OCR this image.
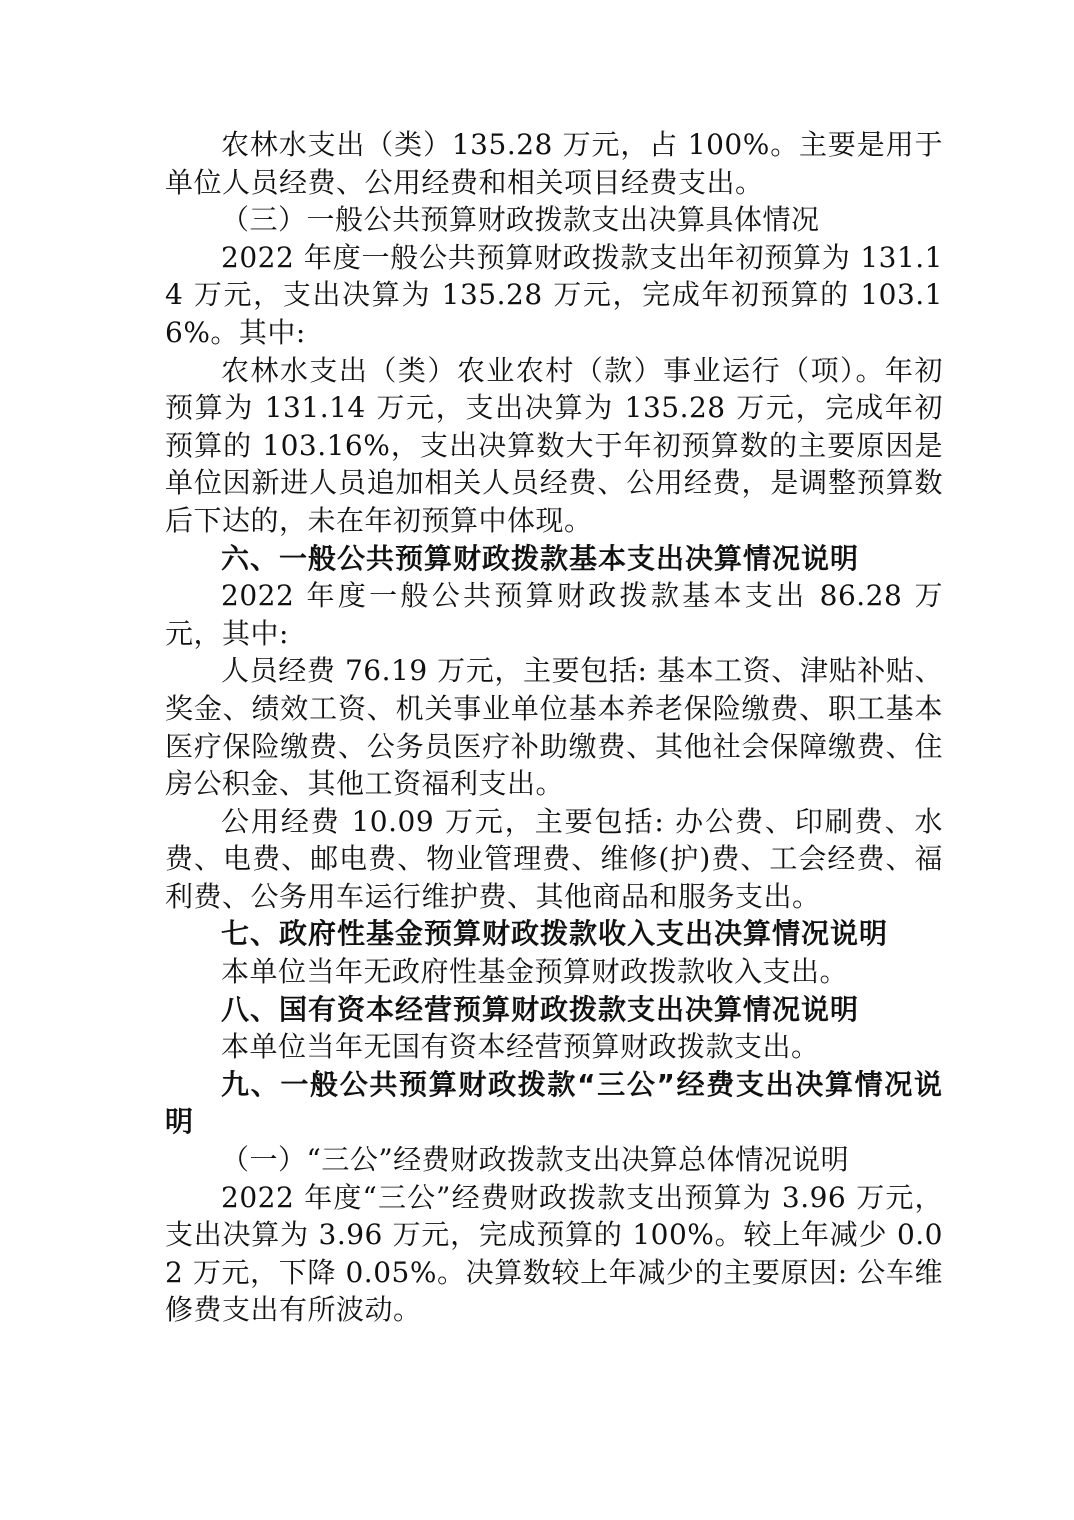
农林水支出（类）135.28 万元，占 100%。主要是用于单位人员经费、公用经费和相关项目经费支出。

（三）一般公共预算财政拨款支出决算具体情况

2022 年度一般公共预算财政拨款支出年初预算为 131.14 万元，支出决算为 135.28 万元，完成年初预算的 103.16%。其中:

农林水支出（类）农业农村（款）事业运行（项）。年初预算为 131.14 万元，支出决算为 135.28 万元，完成年初预算的 103.16%，支出决算数大于年初预算数的主要原因是单位因新进人员追加相关人员经费、公用经费，是调整预算数后下达的，未在年初预算中体现。

六、一般公共预算财政拨款基本支出决算情况说明

2022 年度一般公共预算财政拨款基本支出 86.28 万元，其中:

人员经费 76.19 万元，主要包括: 基本工资、津贴补贴、奖金、绩效工资、机关事业单位基本养老保险缴费、职工基本医疗保险缴费、公务员医疗补助缴费、其他社会保障缴费、住房公积金、其他工资福利支出。

公用经费 10.09 万元，主要包括: 办公费、印刷费、水费、电费、邮电费、物业管理费、维修(护)费、工会经费、福利费、公务用车运行维护费、其他商品和服务支出。

七、政府性基金预算财政拨款收入支出决算情况说明

本单位当年无政府性基金预算财政拨款收入支出。

八、国有资本经营预算财政拨款支出决算情况说明

本单位当年无国有资本经营预算财政拨款支出。

九、一般公共预算财政拨款“三公”经费支出决算情况说明

（一）“三公”经费财政拨款支出决算总体情况说明

2022 年度“三公”经费财政拨款支出预算为 3.96 万元，支出决算为 3.96 万元，完成预算的 100%。较上年减少 0.02 万元，下降 0.05%。决算数较上年减少的主要原因: 公车维修费支出有所波动。
